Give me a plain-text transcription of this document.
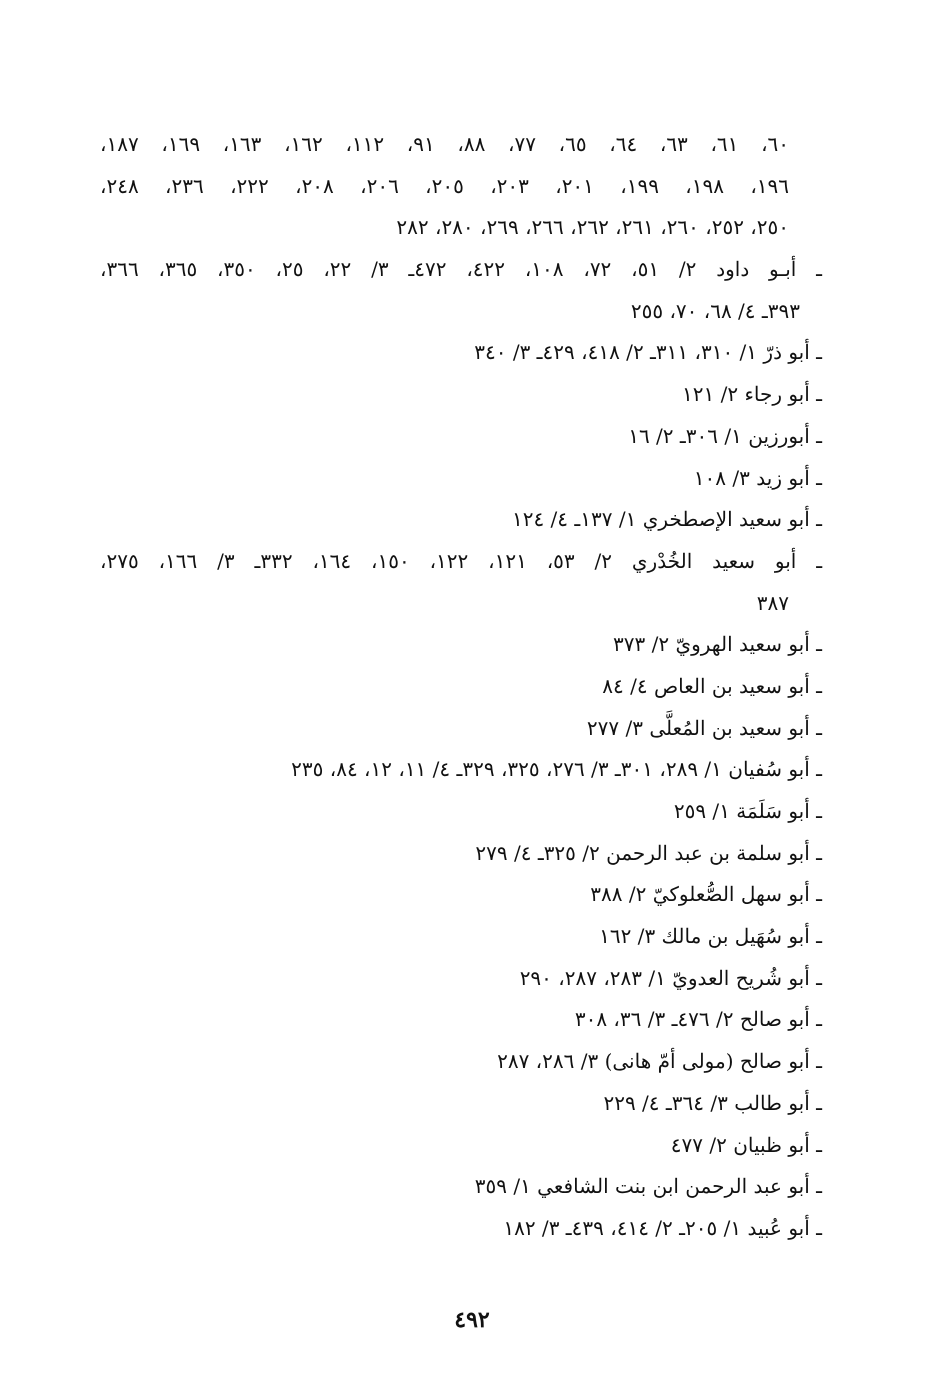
٦٠، ٦١، ٦٣، ٦٤، ٦٥، ٧٧، ٨٨، ٩١، ١١٢، ١٦٢، ١٦٣، ١٦٩، ١٨٧،
١٩٦، ١٩٨، ١٩٩، ٢٠١، ٢٠٣، ٢٠٥، ٢٠٦، ٢٠٨، ٢٢٢، ٢٣٦، ٢٤٨،
٢٥٠، ٢٥٢، ٢٦٠، ٢٦١، ٢٦٢، ٢٦٦، ٢٦٩، ٢٨٠، ٢٨٢
ـ أبـو داود ٢/ ٥١، ٧٢، ١٠٨، ٤٢٢، ٤٧٢ـ ٣/ ٢٢، ٢٥، ٣٥٠، ٣٦٥، ٣٦٦،
٣٩٣ـ ٤/ ٦٨، ٧٠، ٢٥٥
ـ أبو ذرّ ١/ ٣١٠، ٣١١ـ ٢/ ٤١٨، ٤٢٩ـ ٣/ ٣٤٠
ـ أبو رجاء ٢/ ١٢١
ـ أبورزين ١/ ٣٠٦ـ ٢/ ١٦
ـ أبو زيد ٣/ ١٠٨
ـ أبو سعيد الإصطخري ١/ ١٣٧ـ ٤/ ١٢٤
ـ أبو سعيد الخُدْري ٢/ ٥٣، ١٢١، ١٢٢، ١٥٠، ١٦٤، ٣٣٢ـ ٣/ ١٦٦، ٢٧٥،
٣٨٧
ـ أبو سعيد الهرويّ ٢/ ٣٧٣
ـ أبو سعيد بن العاص ٤/ ٨٤
ـ أبو سعيد بن المُعلَّى ٣/ ٢٧٧
ـ أبو سُفيان ١/ ٢٨٩، ٣٠١ـ ٣/ ٢٧٦، ٣٢٥، ٣٢٩ـ ٤/ ١١، ١٢، ٨٤، ٢٣٥
ـ أبو سَلَمَة ١/ ٢٥٩
ـ أبو سلمة بن عبد الرحمن ٢/ ٣٢٥ـ ٤/ ٢٧٩
ـ أبو سهل الصُّعلوكيّ ٢/ ٣٨٨
ـ أبو سُهَيل بن مالك ٣/ ١٦٢
ـ أبو شُريح العدويّ ١/ ٢٨٣، ٢٨٧، ٢٩٠
ـ أبو صالح ٢/ ٤٧٦ـ ٣/ ٣٦، ٣٠٨
ـ أبو صالح (مولى أمّ هانى) ٣/ ٢٨٦، ٢٨٧
ـ أبو طالب ٣/ ٣٦٤ـ ٤/ ٢٢٩
ـ أبو ظبيان ٢/ ٤٧٧
ـ أبو عبد الرحمن ابن بنت الشافعي ١/ ٣٥٩
ـ أبو عُبيد ١/ ٢٠٥ـ ٢/ ٤١٤، ٤٣٩ـ ٣/ ١٨٢
٤٩٢
